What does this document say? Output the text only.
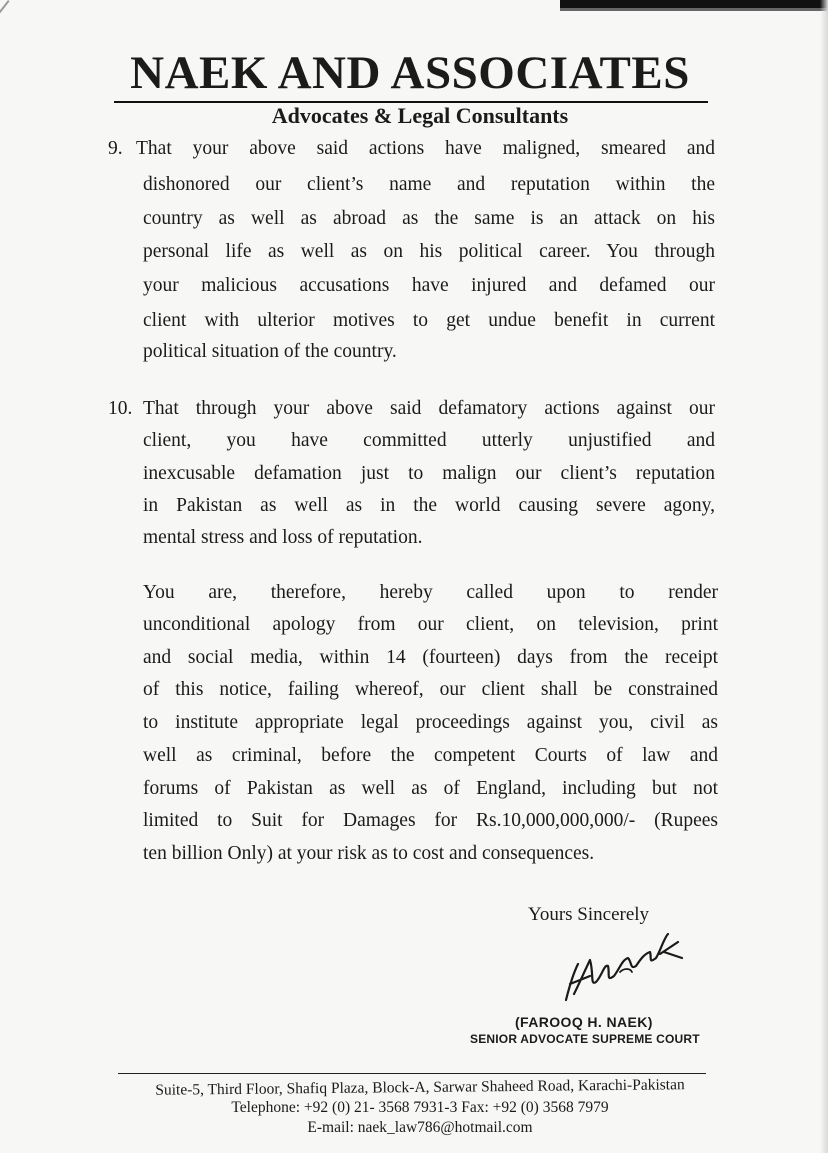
NAEK AND ASSOCIATES
Advocates & Legal Consultants
9. That your above said actions have maligned, smeared and
dishonored our client’s name and reputation within the
country as well as abroad as the same is an attack on his
personal life as well as on his political career. You through
your malicious accusations have injured and defamed our
client with ulterior motives to get undue benefit in current
political situation of the country.
10. That through your above said defamatory actions against our
client, you have committed utterly unjustified and
inexcusable defamation just to malign our client’s reputation
in Pakistan as well as in the world causing severe agony,
mental stress and loss of reputation.
You are, therefore, hereby called upon to render
unconditional apology from our client, on television, print
and social media, within 14 (fourteen) days from the receipt
of this notice, failing whereof, our client shall be constrained
to institute appropriate legal proceedings against you, civil as
well as criminal, before the competent Courts of law and
forums of Pakistan as well as of England, including but not
limited to Suit for Damages for Rs.10,000,000,000/- (Rupees
ten billion Only) at your risk as to cost and consequences.
Yours Sincerely
(FAROOQ H. NAEK)
SENIOR ADVOCATE SUPREME COURT
Suite-5, Third Floor, Shafiq Plaza, Block-A, Sarwar Shaheed Road, Karachi-Pakistan
Telephone: +92 (0) 21- 3568 7931-3 Fax: +92 (0) 3568 7979
E-mail: naek_law786@hotmail.com
